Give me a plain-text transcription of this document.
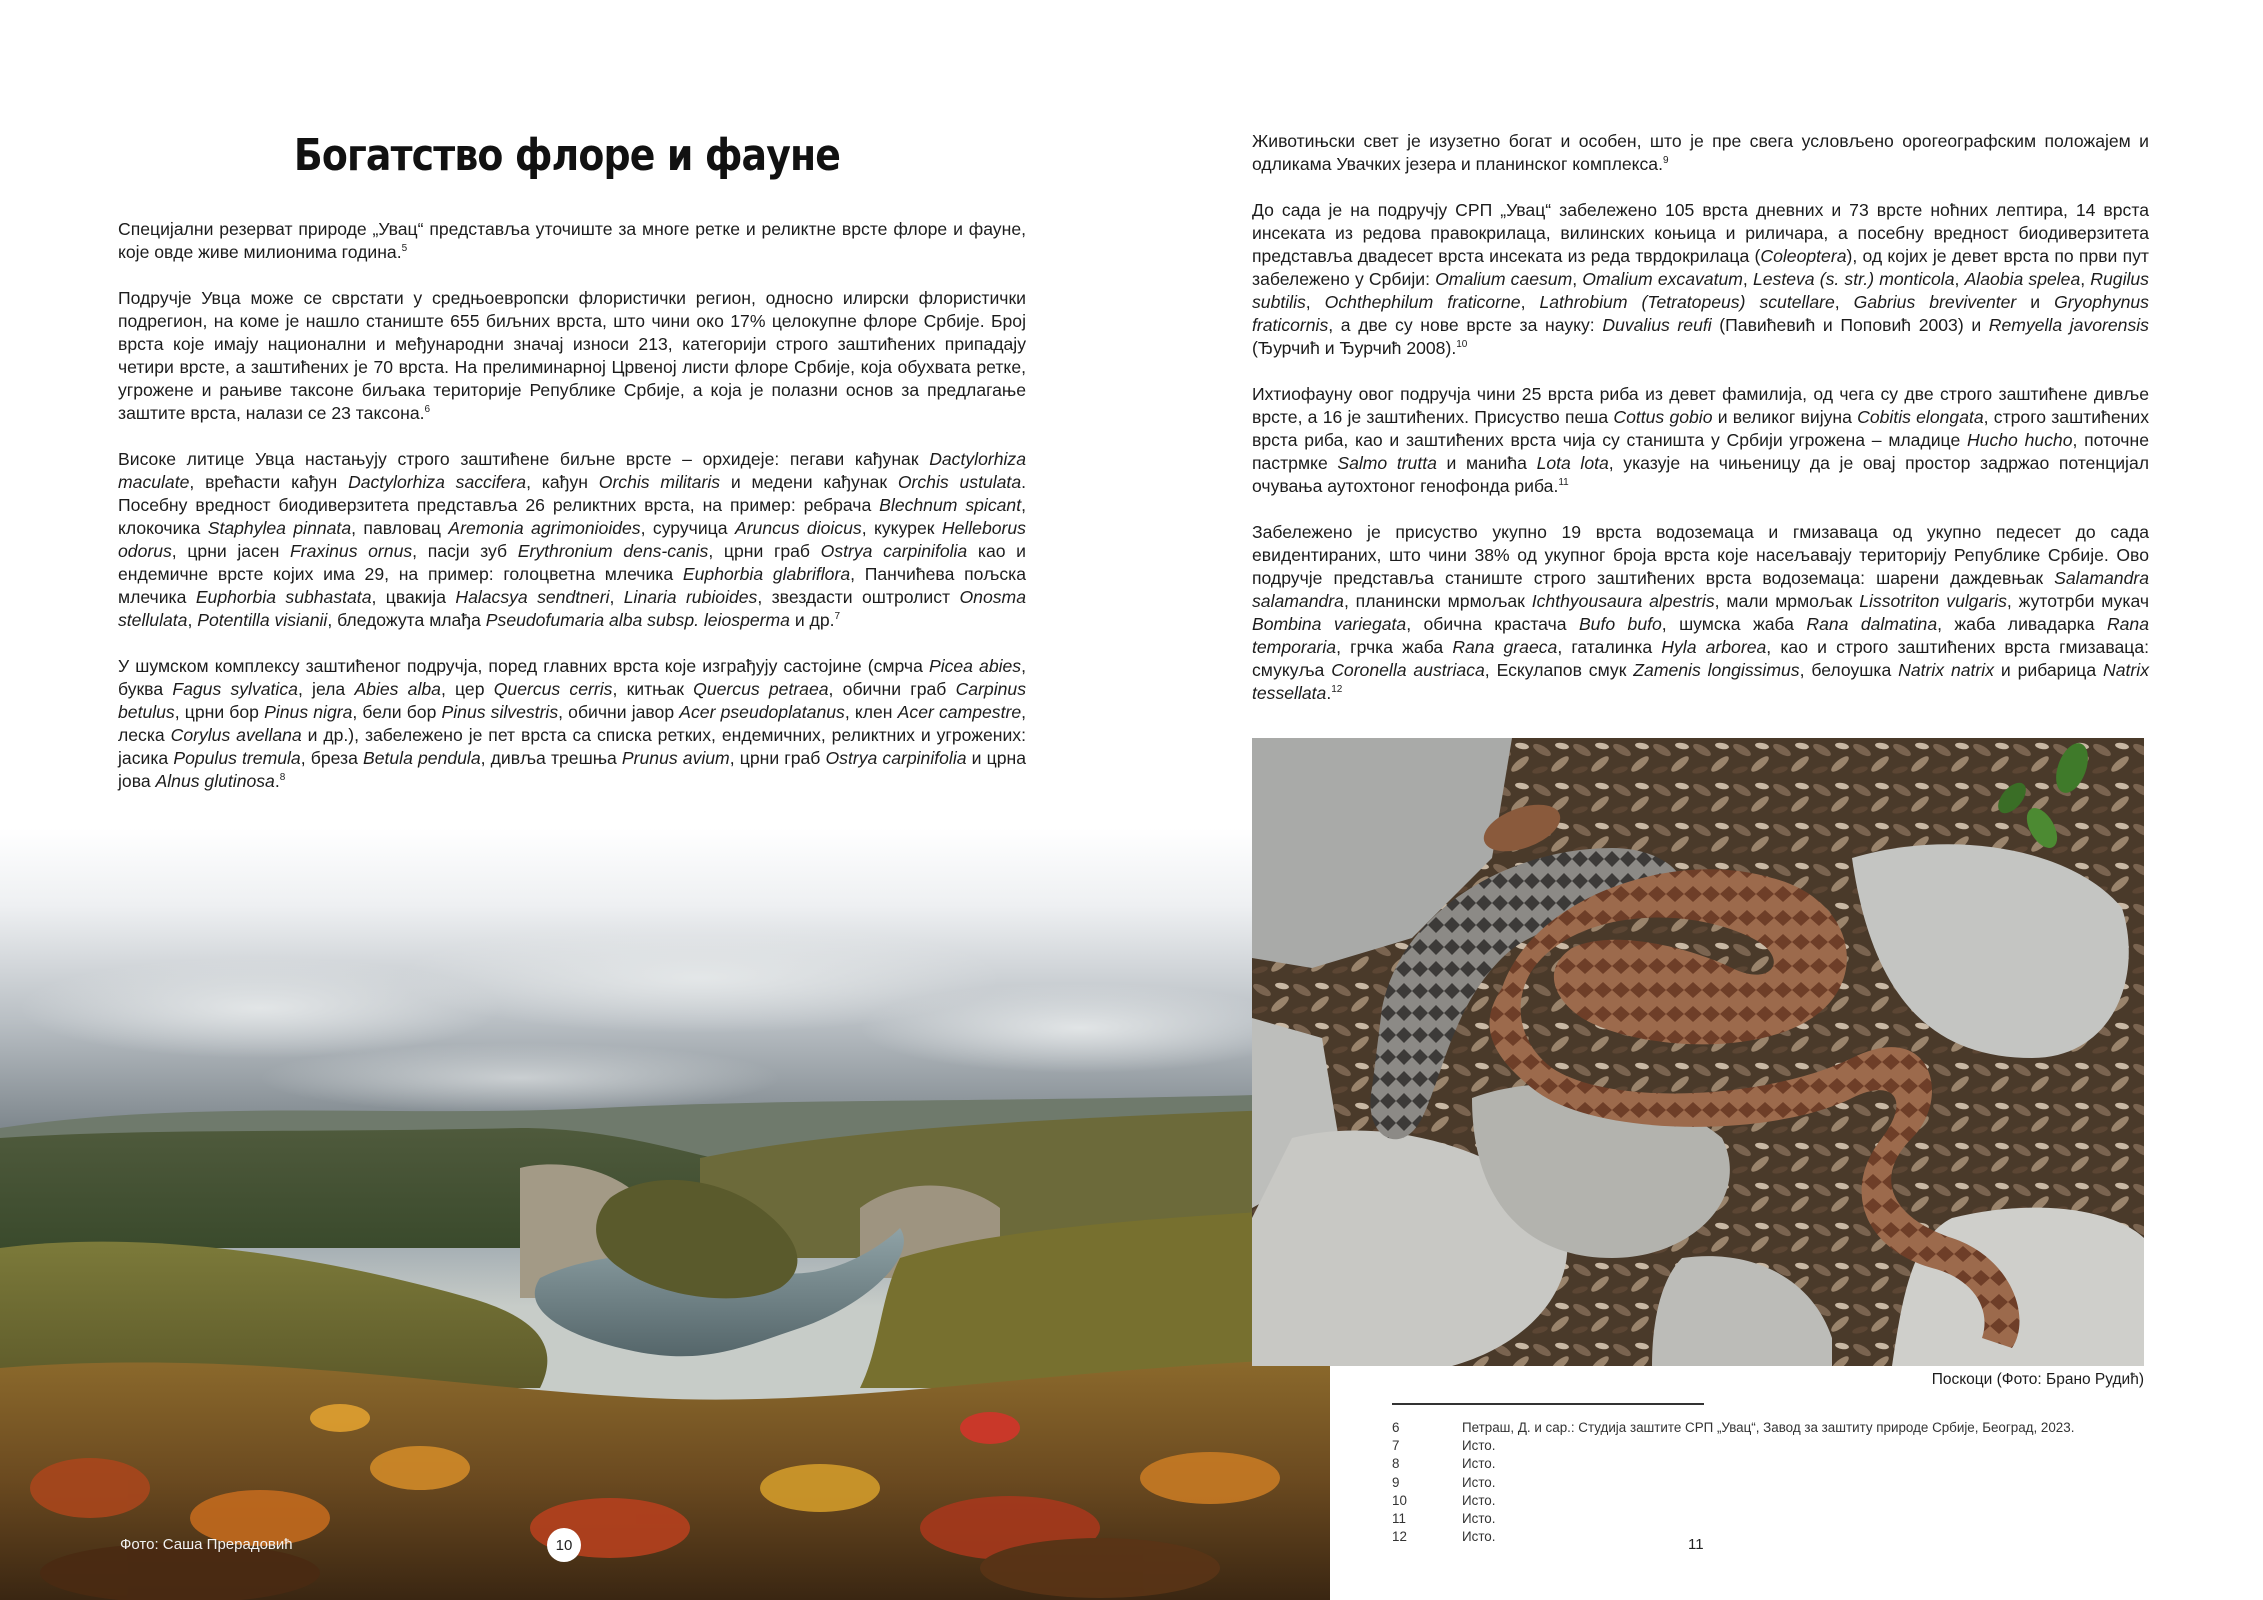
Богатство флоре и фауне

Специјални резерват природе „Увац“ представља уточиште за многе ретке и реликтне врсте флоре и фауне, које овде живе милионима година.$^5$

Подручје Увца може се сврстати у средњоевропски флористички регион, односно илирски флористички подрегион, на коме је нашло станиште 655 биљних врста, што чини око 17% целокупне флоре Србије. Број врста које имају национални и међународни значај износи 213, категорији строго заштићених припадају четири врсте, а заштићених је 70 врста. На прелиминарној Црвеној листи флоре Србије, која обухвата ретке, угрожене и рањиве таксоне биљака територије Републике Србије, а која је полазни основ за предлагање заштите врста, налази се 23 таксона.$^6$

Високе литице Увца настањују строго заштићене биљне врсте – орхидеје: пегави кађунак Dactylorhiza maculate, врећасти кађун Dactylorhiza saccifera, кађун Orchis militaris и медени кађунак Orchis ustulata. Посебну вредност биодиверзитета представља 26 реликтних врста, на пример: ребрача Blechnum spicant, клокочика Staphylea pinnata, павловац Aremonia agrimonioides, суручица Aruncus dioicus, кукурек Helleborus odorus, црни јасен Fraxinus ornus, пасји зуб Erythronium dens-canis, црни граб Ostrya carpinifolia као и ендемичне врсте којих има 29, на пример: голоцветна млечика Euphorbia glabriflora, Панчићева пољска млечика Euphorbia subhastata, цвакија Halacsya sendtneri, Linaria rubioides, звездасти оштролист Onosma stellulata, Potentilla visianii, бледожута млађа Pseudofumaria alba subsp. leiosperma и др.$^7$

У шумском комплексу заштићеног подручја, поред главних врста које изграђују састојине (смрча Picea abies, буква Fagus sylvatica, јела Abies alba, цер Quercus cerris, китњак Quercus petraea, обични граб Carpinus betulus, црни бор Pinus nigra, бели бор Pinus silvestris, обични јавор Acer pseudoplatanus, клен Acer campestre, леска Corylus avellana и др.), забележено је пет врста са списка ретких, ендемичних, реликтних и угрожених: јасика Populus tremula, бреза Betula pendula, дивља трешња Prunus avium, црни граб Ostrya carpinifolia и црна јова Alnus glutinosa.$^8$

Фото: Саша Прерадовић	10

Животињски свет је изузетно богат и особен, што је пре свега условљено орогеографским положајем и одликама Увачких језера и планинског комплекса.$^9$

До сада је на подручју СРП „Увац“ забележено 105 врста дневних и 73 врсте ноћних лептира, 14 врста инсеката из редова правокрилаца, вилинских коњица и риличара, а посебну вредност биодиверзитета представља двадесет врста инсеката из реда тврдокрилаца (Coleoptera), од којих је девет врста по први пут забележено у Србији: Omalium caesum, Omalium excavatum, Lesteva (s. str.) monticola, Alaobia spelea, Rugilus subtilis, Ochthephilum fraticorne, Lathrobium (Tetratopeus) scutellare, Gabrius breviventer и Gryophynus fraticornis, а две су нове врсте за науку: Duvalius reufi (Павићевић и Поповић 2003) и Remyella javorensis (Ђурчић и Ђурчић 2008).$^{10}$

Ихтиофауну овог подручја чини 25 врста риба из девет фамилија, од чега су две строго заштићене дивље врсте, а 16 је заштићених. Присуство пеша Cottus gobio и великог вијуна Cobitis elongata, строго заштићених врста риба, као и заштићених врста чија су станишта у Србији угрожена – младице Hucho hucho, поточне пастрмке Salmo trutta и манића Lota lota, указује на чињеницу да је овај простор задржао потенцијал очувања аутохтоног генофонда риба.$^{11}$

Забележено је присуство укупно 19 врста водоземаца и гмизаваца од укупно педесет до сада евидентираних, што чини 38% од укупног броја врста које насељавају територију Републике Србије. Ово подручје представља станиште строго заштићених врста водоземаца: шарени даждевњак Salamandra salamandra, планински мрмољак Ichthyousaura alpestris, мали мрмољак Lissotriton vulgaris, жутотрби мукач Bombina variegata, обична крастача Bufo bufo, шумска жаба Rana dalmatina, жаба ливадарка Rana temporaria, грчка жаба Rana graeca, гаталинка Hyla arborea, као и строго заштићених врста гмизаваца: смукуља Coronella austriaca, Ескулапов смук Zamenis longissimus, белоушка Natrix natrix и рибарица Natrix tessellata.$^{12}$

Поскоци (Фото: Брано Рудић)
6	Петраш, Д. и сар.: Студија заштите СРП „Увац“, Завод за заштиту природе Србије, Београд, 2023.
7	Исто.
8	Исто.
9	Исто.
10	Исто.
11	Исто.
12	Исто.	11
